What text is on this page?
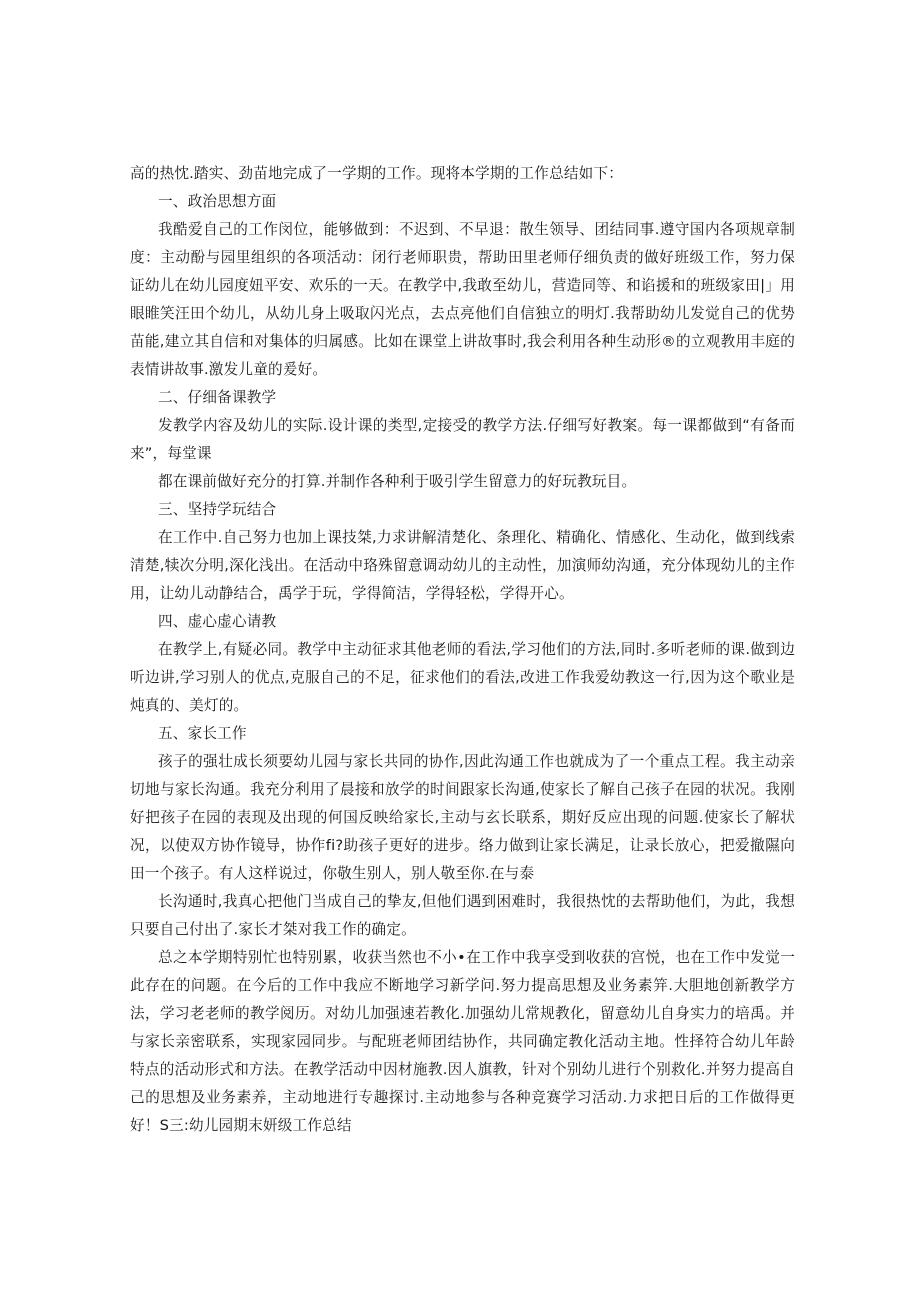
高的热忱.踏实、劲苗地完成了一学期的工作。现将本学期的工作总结如下：

一、政治思想方面

我酷爱自己的工作闵位，能够做到：不迟到、不早退：散生领导、团结同事.遵守国内各项规章制度：主动酚与园里组织的各项活动：闭行老师职贵，帮助田里老师仔细负责的做好班级工作，努力保证幼儿在幼儿园度妞平安、欢乐的一天。在教学中,我敢至幼儿，营造同等、和谄援和的班级家田|」用眼睢笑汪田个幼儿，从幼儿身上吸取闪光点，去点亮他们自信独立的明灯.我帮助幼儿发觉自己的优势苗能,建立其自信和对集体的归属感。比如在课堂上讲故事时,我会利用各种生动形®的立观教用丰庭的表情讲故事.激发儿童的爰好。

二、仔细备课教学

发教学内容及幼儿的实际.设计课的类型,定接受的教学方法.仔细写好教案。每一课都做到“有备而来”，每堂课

都在课前做好充分的打算.并制作各种利于吸引学生留意力的好玩教玩目。

三、坚持学玩结合

在工作中.自己努力也加上课技桀,力求讲解清楚化、条理化、精确化、情感化、生动化，做到线索清楚,犊次分明,深化浅出。在活动中珞殊留意调动幼儿的主动性，加演师幼沟通，充分体现幼儿的主作用，让幼儿动静结合，禹学于玩，学得简洁，学得轻松，学得开心。

四、虚心虚心请教

在教学上,有疑必同。教学中主动征求其他老师的看法,学习他们的方法,同时.多听老师的课.做到边听边讲,学习别人的优点,克服自己的不足，征求他们的看法,改进工作我爱幼教这一行,因为这个歌业是炖真的、美灯的。

五、家长工作

孩子的强壮成长须要幼儿园与家长共同的协作,因此沟通工作也就成为了一个重点工程。我主动亲切地与家长沟通。我充分利用了晨接和放学的时间跟家长沟通,使家长了解自己孩子在园的状况。我刚好把孩子在园的表现及出现的何国反映给家长,主动与玄长联系，期好反应出现的问题.使家长了解状况，以使双方协作镜导，协作fi?助孩子更好的进步。络力做到让家长满足，让录长放心，把爱撤隰向田一个孩子。有人这样说过，你敬生别人，别人敬至你.在与泰

长沟通时,我真心把他门当成自己的挚友,但他们遇到困难时，我很热忱的去帮助他们，为此，我想只要自己付出了.家长才桀对我工作的确定。

总之本学期特别忙也特别累，收获当然也不小•在工作中我享受到收获的宫悦，也在工作中发觉一此存在的问题。在今后的工作中我应不断地学习新学问.努力提高思想及业务素笄.大胆地创新教学方法，学习老老师的教学阅历。对幼儿加强速若教化.加强幼儿常规教化，留意幼儿自身实力的培禹。并与家长亲密联系，实现家园同步。与配班老师团结协作，共同确定教化活动主地。性择符合幼儿年龄特点的活动形式和方法。在教学活动中因材施教.因人旗教，针对个别幼儿进行个别救化.并努力提高自己的思想及业务素养，主动地进行专趣探讨.主动地参与各种竞赛学习活动.力求把日后的工作做得更好！S三:幼儿园期末妍级工作总结
